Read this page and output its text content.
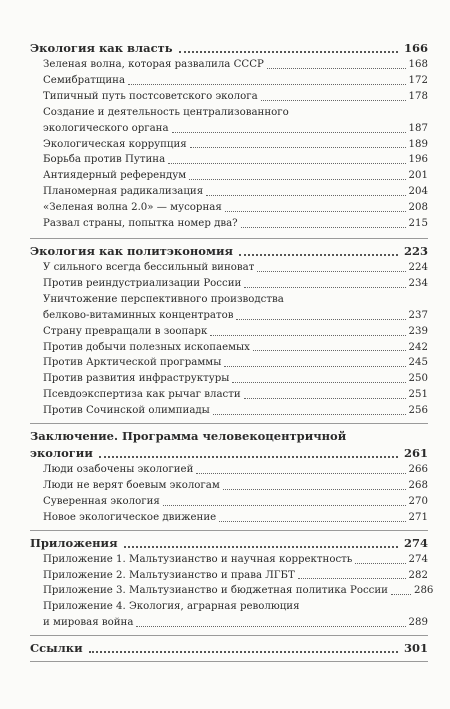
Экология как власть	166
Зеленая волна, которая развалила СССР	168
Семибратщина	172
Типичный путь постсоветского эколога	178
Создание и деятельность централизованного
экологического органа	187
Экологическая коррупция	189
Борьба против Путина	196
Антиядерный референдум	201
Планомерная радикализация	204
«Зеленая волна 2.0» — мусорная	208
Развал страны, попытка номер два?	215
Экология как политэкономия	223
У сильного всегда бессильный виноват	224
Против реиндустриализации России	234
Уничтожение перспективного производства
белково-витаминных концентратов	237
Страну превращали в зоопарк	239
Против добычи полезных ископаемых	242
Против Арктической программы	245
Против развития инфраструктуры	250
Псевдоэкспертиза как рычаг власти	251
Против Сочинской олимпиады	256
Заключение. Программа человекоцентричной
экологии	261
Люди озабочены экологией	266
Люди не верят боевым экологам	268
Суверенная экология	270
Новое экологическое движение	271
Приложения	274
Приложение 1. Мальтузианство и научная корректность	274
Приложение 2. Мальтузианство и права ЛГБТ	282
Приложение 3. Мальтузианство и бюджетная политика России	286
Приложение 4. Экология, аграрная революция
и мировая война	289
Ссылки	301
